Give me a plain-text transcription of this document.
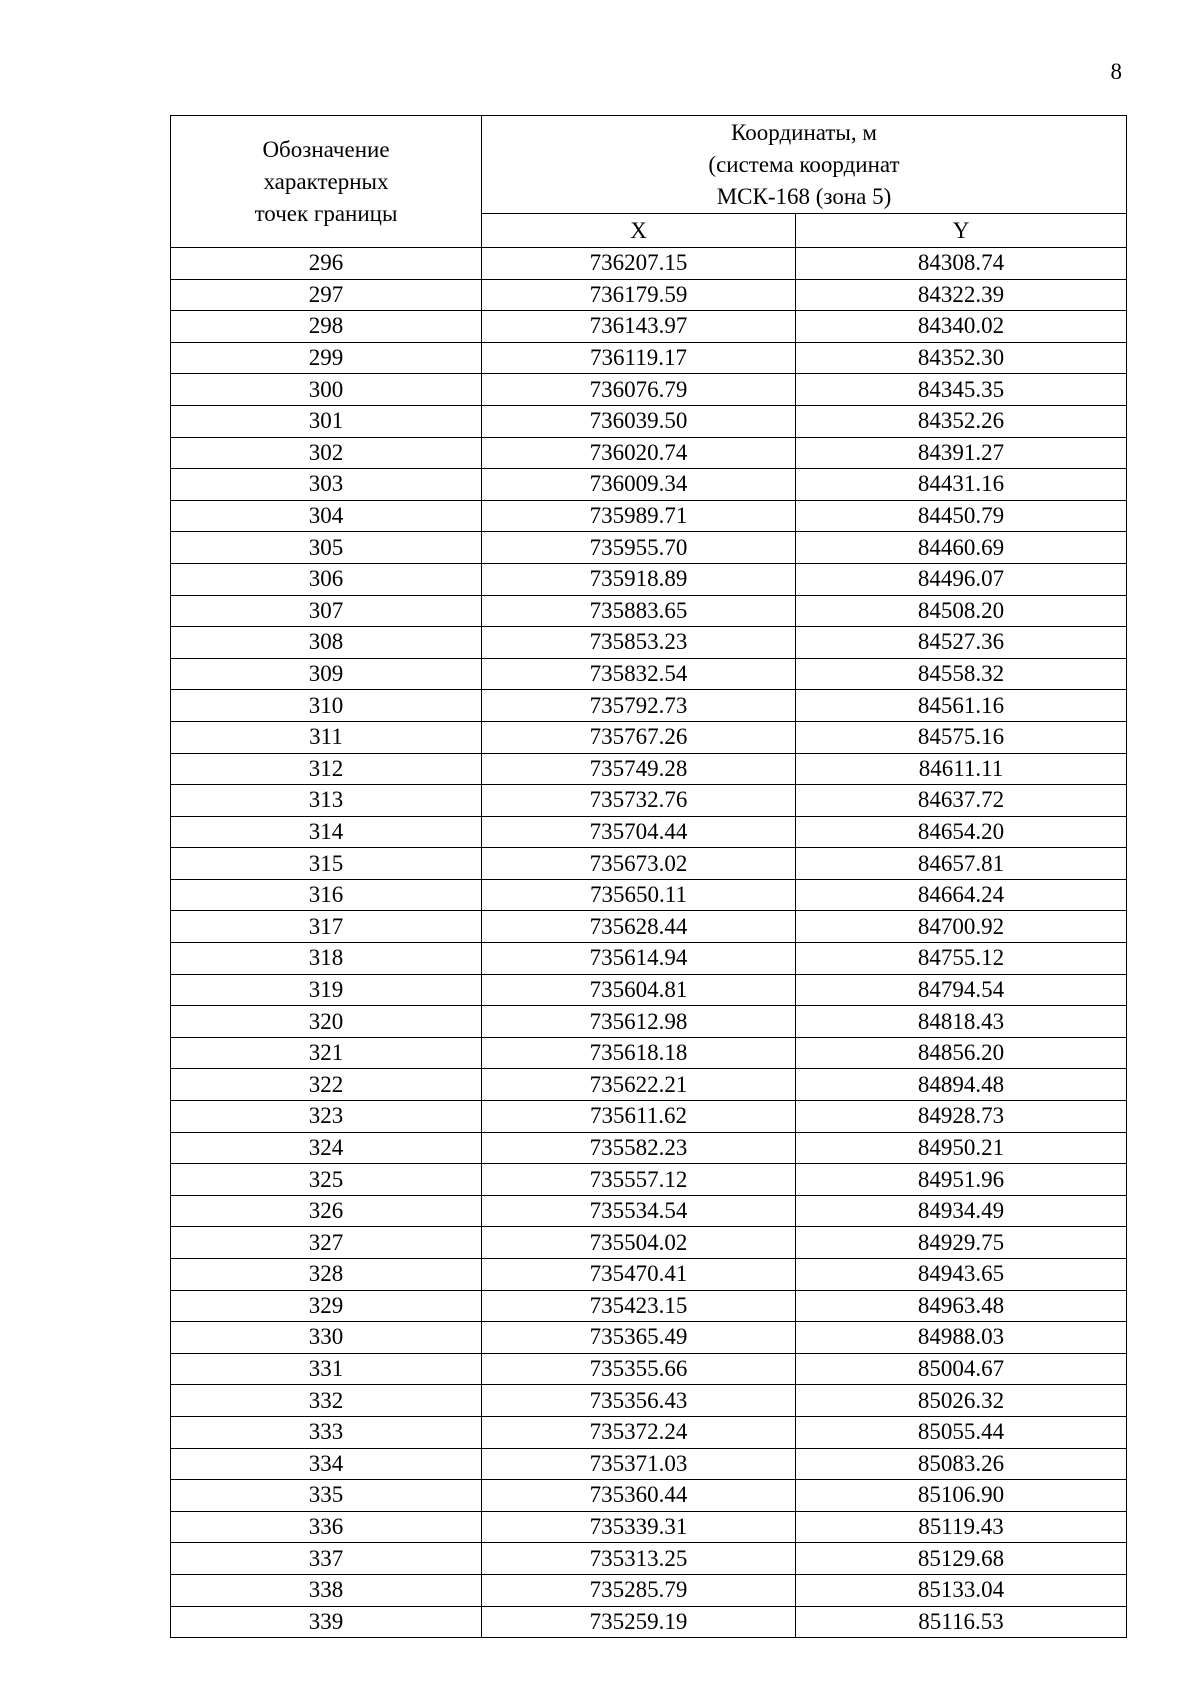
8
Обозначение
характерных
точек границы	Координаты, м
(система координат
МСК-168 (зона 5)	

	X	Y
296	736207.15	84308.74
297	736179.59	84322.39
298	736143.97	84340.02
299	736119.17	84352.30
300	736076.79	84345.35
301	736039.50	84352.26
302	736020.74	84391.27
303	736009.34	84431.16
304	735989.71	84450.79
305	735955.70	84460.69
306	735918.89	84496.07
307	735883.65	84508.20
308	735853.23	84527.36
309	735832.54	84558.32
310	735792.73	84561.16
311	735767.26	84575.16
312	735749.28	84611.11
313	735732.76	84637.72
314	735704.44	84654.20
315	735673.02	84657.81
316	735650.11	84664.24
317	735628.44	84700.92
318	735614.94	84755.12
319	735604.81	84794.54
320	735612.98	84818.43
321	735618.18	84856.20
322	735622.21	84894.48
323	735611.62	84928.73
324	735582.23	84950.21
325	735557.12	84951.96
326	735534.54	84934.49
327	735504.02	84929.75
328	735470.41	84943.65
329	735423.15	84963.48
330	735365.49	84988.03
331	735355.66	85004.67
332	735356.43	85026.32
333	735372.24	85055.44
334	735371.03	85083.26
335	735360.44	85106.90
336	735339.31	85119.43
337	735313.25	85129.68
338	735285.79	85133.04
339	735259.19	85116.53
